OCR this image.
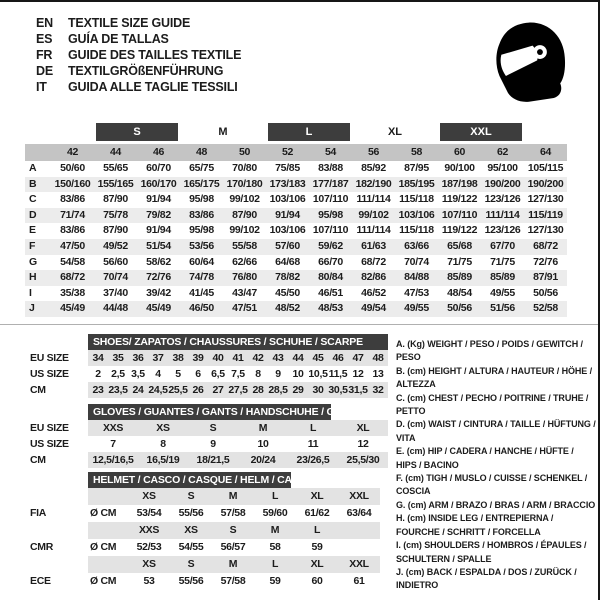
EN	TEXTILE SIZE GUIDE
ES	GUÍA DE TALLAS
FR	GUIDE DES TAILLES TEXTILE
DE	TEXTILGRÖßENFÜHRUNG
IT	GUIDA ALLE TAGLIE TESSILI
S	M	L	XL	XXL
42	44	46	48	50	52	54	56	58	60	62	64
A	50/60	55/65	60/70	65/75	70/80	75/85	83/88	85/92	87/95	90/100	95/100 105/115
B	150/160 155/165 160/170 165/175 170/180 173/183 177/187 182/190 185/195 187/198 190/200 190/200
C	83/86	87/90	91/94	95/98	99/102 103/106 107/110 111/114 115/118 119/122 123/126 127/130
D	71/74	75/78	79/82	83/86	87/90	91/94	95/98	99/102 103/106 107/110 111/114 115/119
E	83/86	87/90	91/94	95/98	99/102 103/106 107/110 111/114 115/118 119/122 123/126 127/130
F	47/50	49/52	51/54	53/56	55/58	57/60	59/62	61/63	63/66	65/68	67/70	68/72
G	54/58	56/60	58/62	60/64	62/66	64/68	66/70	68/72	70/74	71/75	71/75	72/76
H	68/72	70/74	72/76	74/78	76/80	78/82	80/84	82/86	84/88	85/89	85/89	87/91
I	35/38	37/40	39/42	41/45	43/47	45/50	46/51	46/52	47/53	48/54	49/55	50/56
J	45/49	44/48	45/49	46/50	47/51	48/52	48/53	49/54	49/55	50/56	51/56	52/58
SHOES/ ZAPATOS / CHAUSSURES / SCHUHE / SCARPE
EU SIZE	34 35 36 37 38 39 40 41 42 43 44 45 46 47 48
US SIZE	2 2,5 3,5 4	5	6 6,5 7,5 8	9	10 10,5 11,5 12 13
CM	23 23,5 24 24,5 25,5 26 27 27,5 28 28,5 29 30 30,5 31,5 32
GLOVES / GUANTES / GANTS / HANDSCHUHE / GUANTI
EU SIZE	XXS	XS	S	M	L	XL
US SIZE	7	8	9	10	11	12
CM	12,5/16,5	16,5/19	18/21,5	20/24	23/26,5	25,5/30
HELMET / CASCO / CASQUE / HELM / CASCO
XS	S	M	L	XL	XXL
FIA	Ø CM	53/54	55/56	57/58	59/60	61/62	63/64
XXS	XS	S	M	L
CMR	Ø CM	52/53	54/55	56/57	58	59
XS	S	M	L	XL	XXL
ECE	Ø CM	53	55/56	57/58	59	60	61
A. (Kg) WEIGHT / PESO / POIDS / GEWITCH / PESO
B. (cm) HEIGHT / ALTURA / HAUTEUR / HÖHE / ALTEZZA
C. (cm) CHEST / PECHO / POITRINE / TRUHE / PETTO
D. (cm) WAIST / CINTURA / TAILLE / HÜFTUNG / VITA
E. (cm) HIP / CADERA / HANCHE / HÜFTE / HIPS / BACINO
F. (cm) TIGH / MUSLO / CUISSE / SCHENKEL / COSCIA
G. (cm) ARM / BRAZO / BRAS / ARM / BRACCIO
H. (cm) INSIDE LEG / ENTREPIERNA / FOURCHE / SCHRITT / FORCELLA
I. (cm) SHOULDERS / HOMBROS / ÉPAULES / SCHULTERN / SPALLE
J. (cm) BACK / ESPALDA / DOS / ZURÜCK / INDIETRO
